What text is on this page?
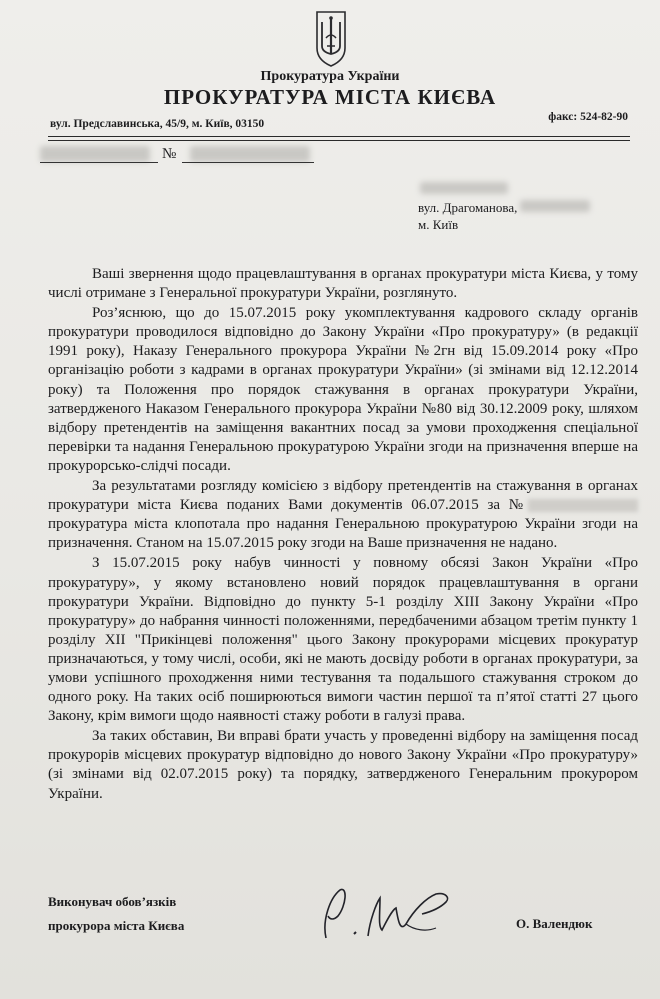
Прокуратура України
ПРОКУРАТУРА МІСТА КИЄВА
факс: 524-82-90
вул. Предславинська, 45/9, м. Київ, 03150
№
вул. Драгоманова,
м. Київ

Ваші звернення щодо працевлаштування в органах прокуратури міста Києва, у тому числі отримане з Генеральної прокуратури України, розглянуто.

Роз’яснюю, що до 15.07.2015 року укомплектування кадрового складу органів прокуратури проводилося відповідно до Закону України «Про прокуратуру» (в редакції 1991 року), Наказу Генерального прокурора України №2гн від 15.09.2014 року «Про організацію роботи з кадрами в органах прокуратури України» (зі змінами від 12.12.2014 року) та Положення про порядок стажування в органах прокуратури України, затвердженого Наказом Генерального прокурора України №80 від 30.12.2009 року, шляхом відбору претендентів на заміщення вакантних посад за умови проходження спеціальної перевірки та надання Генеральною прокуратурою України згоди на призначення вперше на прокурорсько-слідчі посади.

За результатами розгляду комісією з відбору претендентів на стажування в органах прокуратури міста Києва поданих Вами документів 06.07.2015 за № прокуратура міста клопотала про надання Генеральною прокуратурою України згоди на призначення. Станом на 15.07.2015 року згоди на Ваше призначення не надано.

З 15.07.2015 року набув чинності у повному обсязі Закон України «Про прокуратуру», у якому встановлено новий порядок працевлаштування в органи прокуратури України. Відповідно до пункту 5-1 розділу XIII Закону України «Про прокуратуру» до набрання чинності положеннями, передбаченими абзацом третім пункту 1 розділу XII "Прикінцеві положення" цього Закону прокурорами місцевих прокуратур призначаються, у тому числі, особи, які не мають досвіду роботи в органах прокуратури, за умови успішного проходження ними тестування та подальшого стажування строком до одного року. На таких осіб поширюються вимоги частин першої та п’ятої статті 27 цього Закону, крім вимоги щодо наявності стажу роботи в галузі права.

За таких обставин, Ви вправі брати участь у проведенні відбору на заміщення посад прокурорів місцевих прокуратур відповідно до нового Закону України «Про прокуратуру» (зі змінами від 02.07.2015 року) та порядку, затвердженого Генеральним прокурором України.

Виконувач обов’язків
прокурора міста Києва	О. Валендюк
